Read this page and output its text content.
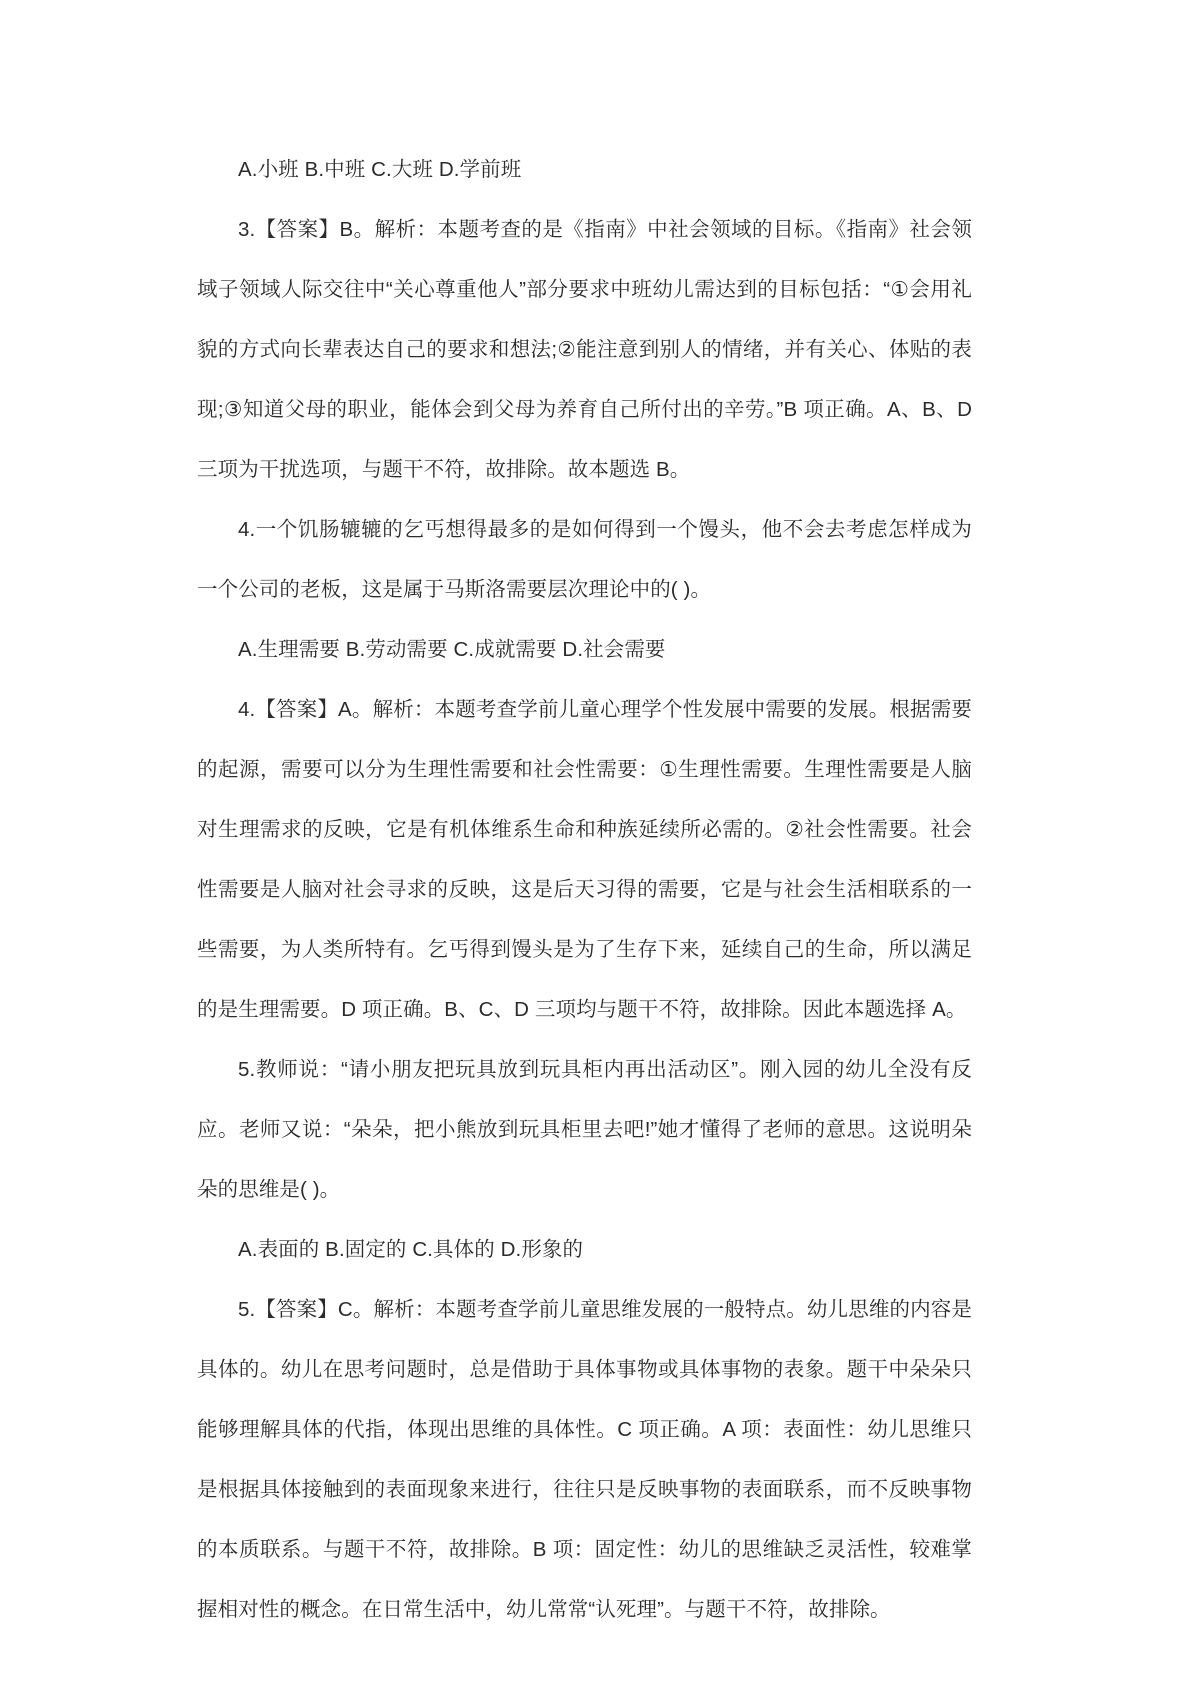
A.小班 B.中班 C.大班 D.学前班

3.【答案】B。解析：本题考查的是《指南》中社会领域的目标。《指南》社会领域子领域人际交往中“关心尊重他人”部分要求中班幼儿需达到的目标包括：“①会用礼貌的方式向长辈表达自己的要求和想法;②能注意到别人的情绪，并有关心、体贴的表现;③知道父母的职业，能体会到父母为养育自己所付出的辛劳。”B 项正确。A、B、D 三项为干扰选项，与题干不符，故排除。故本题选 B。

4.一个饥肠辘辘的乞丐想得最多的是如何得到一个馒头，他不会去考虑怎样成为一个公司的老板，这是属于马斯洛需要层次理论中的( )。

A.生理需要 B.劳动需要 C.成就需要 D.社会需要

4.【答案】A。解析：本题考查学前儿童心理学个性发展中需要的发展。根据需要的起源，需要可以分为生理性需要和社会性需要：①生理性需要。生理性需要是人脑对生理需求的反映，它是有机体维系生命和种族延续所必需的。②社会性需要。社会性需要是人脑对社会寻求的反映，这是后天习得的需要，它是与社会生活相联系的一些需要，为人类所特有。乞丐得到馒头是为了生存下来，延续自己的生命，所以满足的是生理需要。D 项正确。B、C、D 三项均与题干不符，故排除。因此本题选择 A。

5.教师说：“请小朋友把玩具放到玩具柜内再出活动区”。刚入园的幼儿全没有反应。老师又说：“朵朵，把小熊放到玩具柜里去吧!”她才懂得了老师的意思。这说明朵朵的思维是( )。

A.表面的 B.固定的 C.具体的 D.形象的

5.【答案】C。解析：本题考查学前儿童思维发展的一般特点。幼儿思维的内容是具体的。幼儿在思考问题时，总是借助于具体事物或具体事物的表象。题干中朵朵只能够理解具体的代指，体现出思维的具体性。C 项正确。A 项：表面性：幼儿思维只是根据具体接触到的表面现象来进行，往往只是反映事物的表面联系，而不反映事物的本质联系。与题干不符，故排除。B 项：固定性：幼儿的思维缺乏灵活性，较难掌握相对性的概念。在日常生活中，幼儿常常“认死理”。与题干不符，故排除。
